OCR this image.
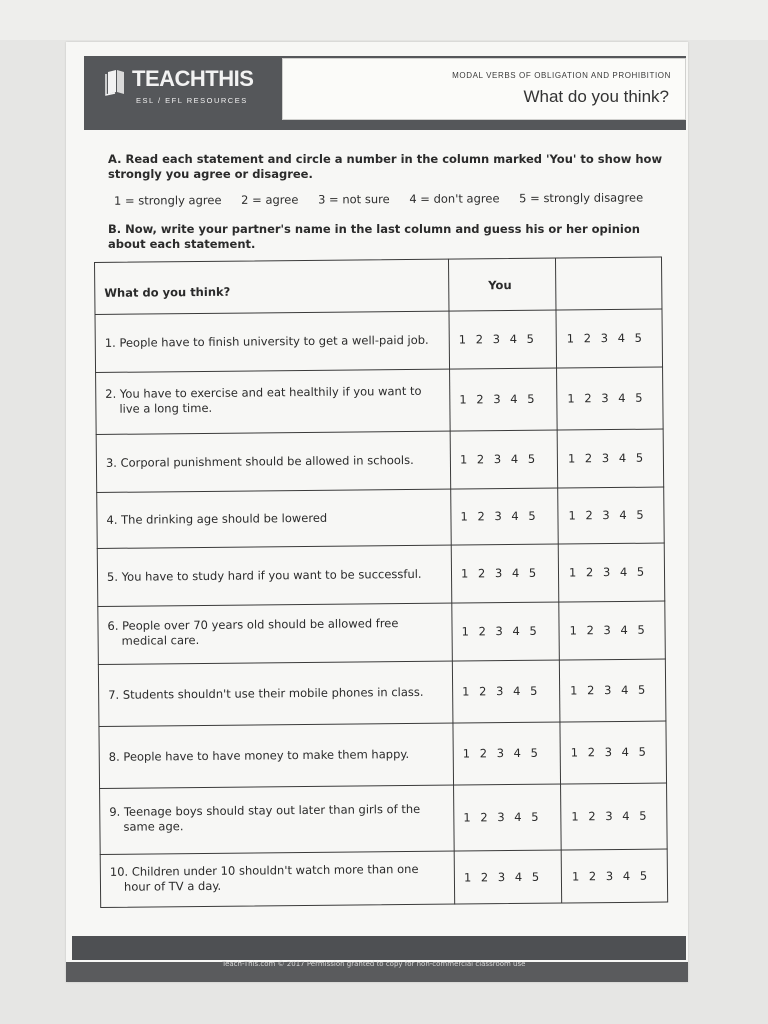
TEACHTHIS
ESL / EFL RESOURCES
MODAL VERBS OF OBLIGATION AND PROHIBITION
What do you think?
A. Read each statement and circle a number in the column marked 'You' to show how strongly you agree or disagree.
1 = strongly agree 2 = agree 3 = not sure 4 = don't agree 5 = strongly disagree
B. Now, write your partner's name in the last column and guess his or her opinion about each statement.
What do you think?	You
1. People have to finish university to get a well-paid job.	1 2 3 4 5	1 2 3 4 5
2. You have to exercise and eat healthily if you want to
live a long time.
1 2 3 4 5	1 2 3 4 5
3. Corporal punishment should be allowed in schools.	1 2 3 4 5	1 2 3 4 5
4. The drinking age should be lowered	1 2 3 4 5	1 2 3 4 5
5. You have to study hard if you want to be successful.	1 2 3 4 5	1 2 3 4 5
6. People over 70 years old should be allowed free
medical care.
1 2 3 4 5	1 2 3 4 5
7. Students shouldn't use their mobile phones in class.	1 2 3 4 5	1 2 3 4 5
8. People have to have money to make them happy.	1 2 3 4 5	1 2 3 4 5
9. Teenage boys should stay out later than girls of the
same age.
1 2 3 4 5	1 2 3 4 5
10. Children under 10 shouldn't watch more than one
hour of TV a day.
1 2 3 4 5	1 2 3 4 5
Teach-This.com © 2017 Permission granted to copy for non-commercial classroom use
